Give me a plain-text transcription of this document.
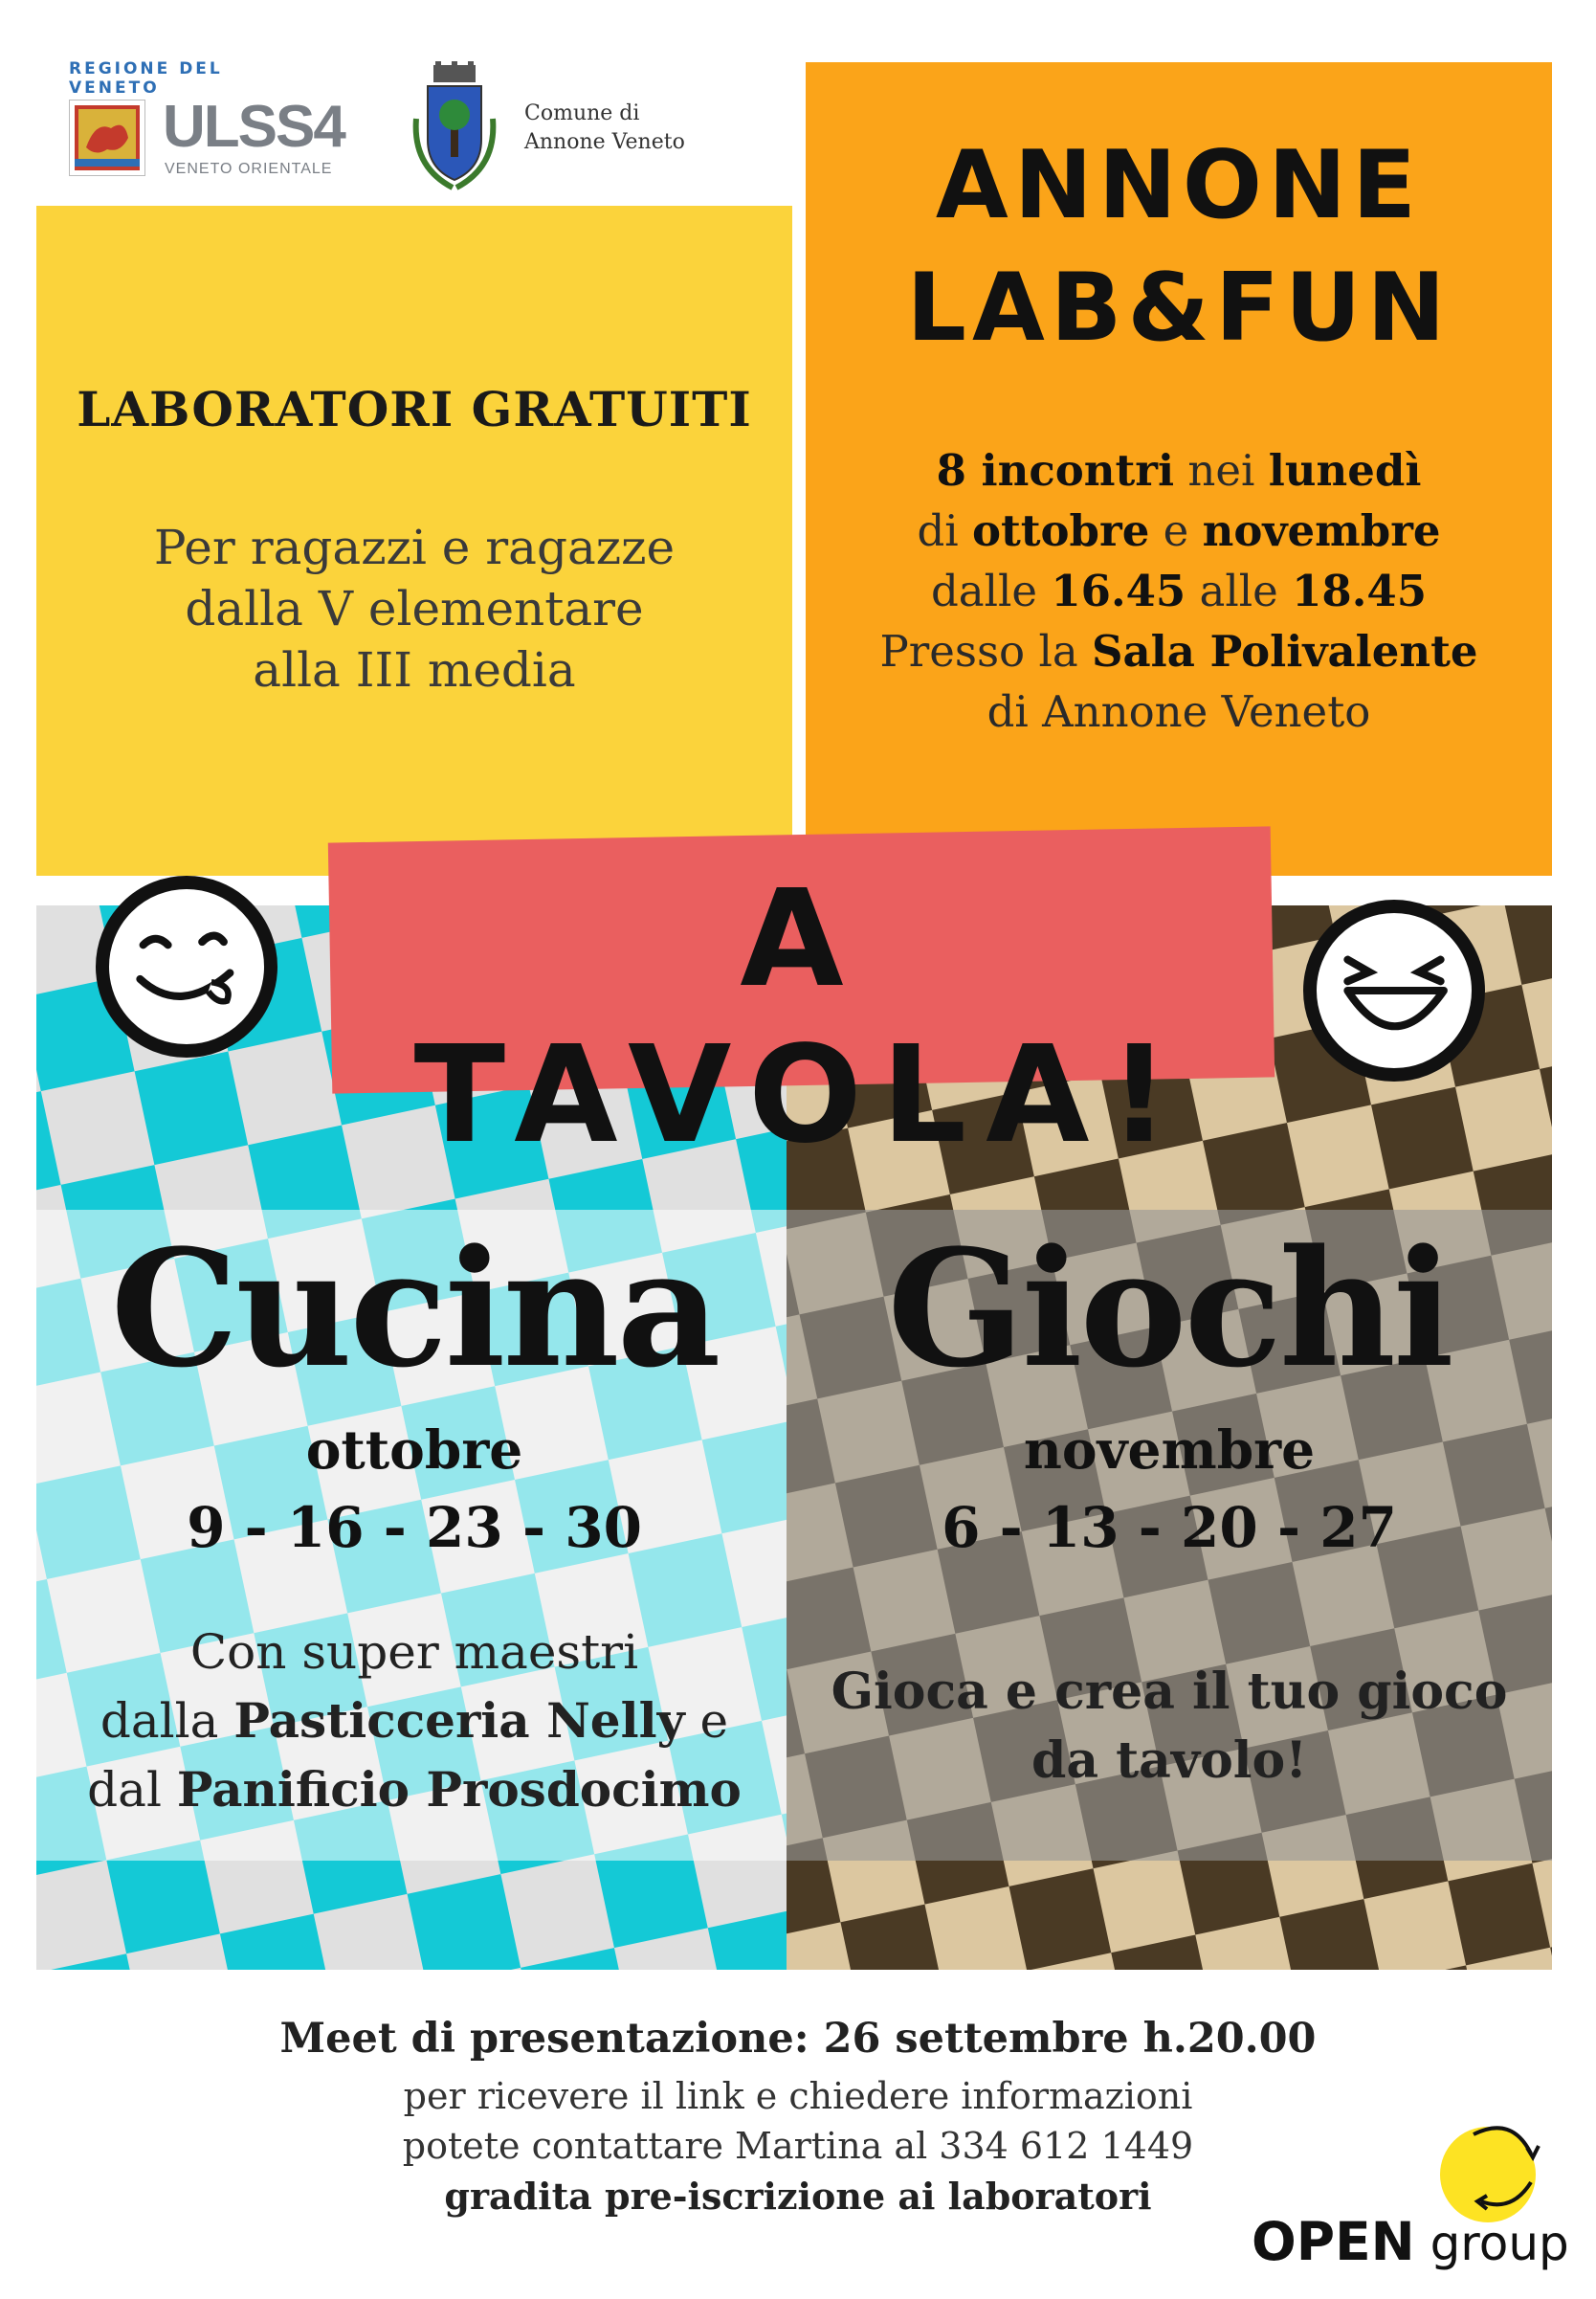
REGIONE DEL VENETO
ULSS4
VENETO ORIENTALE
Comune di
Annone Veneto
LABORATORI GRATUITI
Per ragazzi e ragazze
dalla V elementare
alla III media
ANNONE
LAB&FUN
8 incontri nei lunedì
di ottobre e novembre
dalle 16.45 alle 18.45
Presso la Sala Polivalente
di Annone Veneto
A TAVOLA!
Cucina
ottobre
9 - 16 - 23 - 30
Con super maestri
dalla Pasticceria Nelly e
dal Panificio Prosdocimo
Giochi
novembre
6 - 13 - 20 - 27
Gioca e crea il tuo gioco
da tavolo!
Meet di presentazione: 26 settembre h.20.00
per ricevere il link e chiedere informazioni
potete contattare Martina al 334 612 1449
gradita pre-iscrizione ai laboratori
OPEN group
